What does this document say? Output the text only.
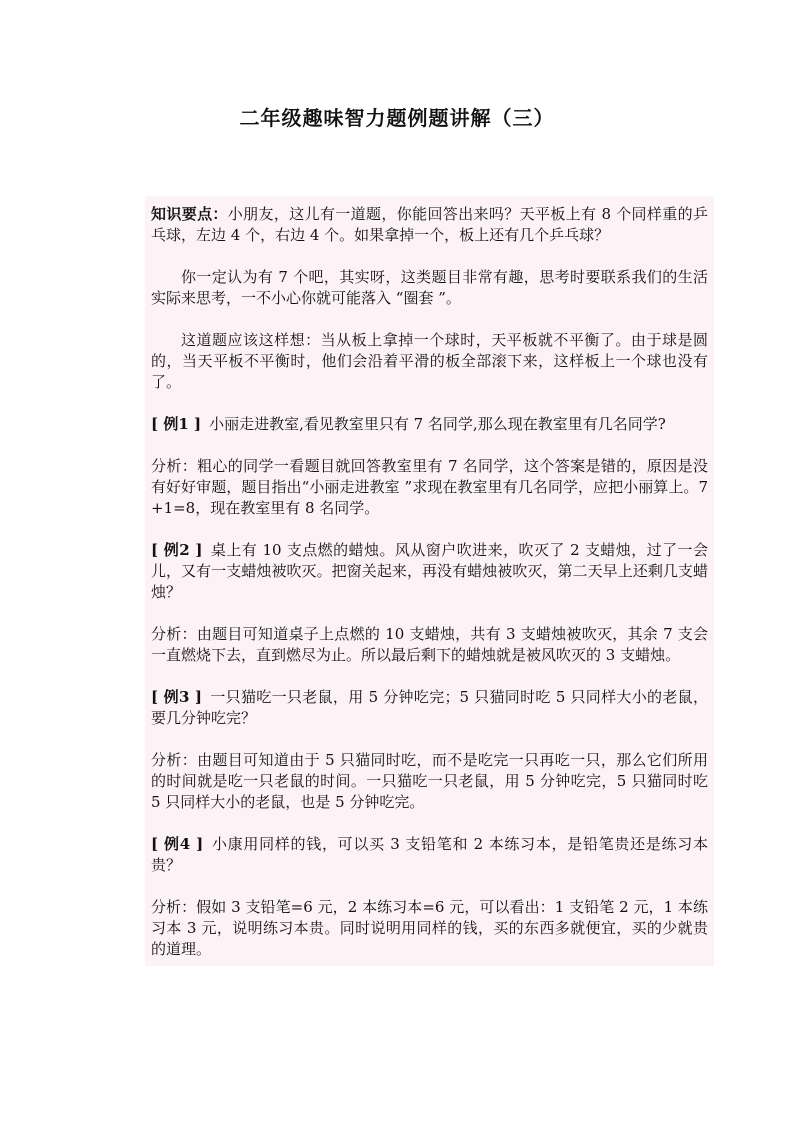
二年级趣味智力题例题讲解（三）

知识要点：小朋友，这儿有一道题，你能回答出来吗？天平板上有 8 个同样重的乒乓球，左边 4 个，右边 4 个。如果拿掉一个，板上还有几个乒乓球？

你一定认为有 7 个吧，其实呀，这类题目非常有趣，思考时要联系我们的生活实际来思考，一不小心你就可能落入 “圈套 ”。

这道题应该这样想：当从板上拿掉一个球时，天平板就不平衡了。由于球是圆的，当天平板不平衡时，他们会沿着平滑的板全部滚下来，这样板上一个球也没有了。

[ 例1 ] 小丽走进教室,看见教室里只有 7 名同学,那么现在教室里有几名同学?

分析：粗心的同学一看题目就回答教室里有 7 名同学，这个答案是错的，原因是没有好好审题，题目指出“小丽走进教室 ”求现在教室里有几名同学，应把小丽算上。7+1=8，现在教室里有 8 名同学。

[ 例2 ] 桌上有 10 支点燃的蜡烛。风从窗户吹进来，吹灭了 2 支蜡烛，过了一会儿，又有一支蜡烛被吹灭。把窗关起来，再没有蜡烛被吹灭，第二天早上还剩几支蜡烛？

分析：由题目可知道桌子上点燃的 10 支蜡烛，共有 3 支蜡烛被吹灭，其余 7 支会一直燃烧下去，直到燃尽为止。所以最后剩下的蜡烛就是被风吹灭的 3 支蜡烛。

[ 例3 ] 一只猫吃一只老鼠，用 5 分钟吃完；5 只猫同时吃 5 只同样大小的老鼠，要几分钟吃完？

分析：由题目可知道由于 5 只猫同时吃，而不是吃完一只再吃一只，那么它们所用的时间就是吃一只老鼠的时间。一只猫吃一只老鼠，用 5 分钟吃完，5 只猫同时吃 5 只同样大小的老鼠，也是 5 分钟吃完。

[ 例4 ] 小康用同样的钱，可以买 3 支铅笔和 2 本练习本，是铅笔贵还是练习本贵？

分析：假如 3 支铅笔=6 元，2 本练习本=6 元，可以看出：1 支铅笔 2 元，1 本练习本 3 元，说明练习本贵。同时说明用同样的钱，买的东西多就便宜，买的少就贵的道理。
